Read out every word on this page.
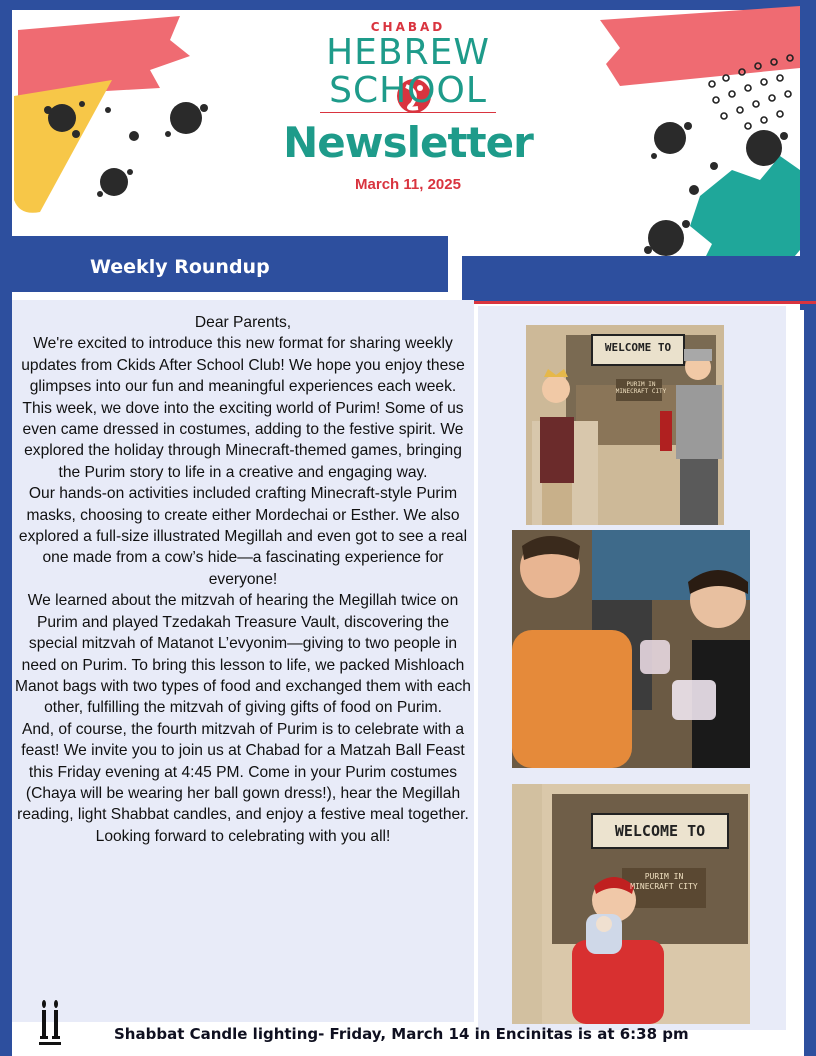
CHABAD
HEBREW
SCHOOL
Newsletter
March 11, 2025
Weekly Roundup

Dear Parents,

We're excited to introduce this new format for sharing weekly updates from Ckids After School Club! We hope you enjoy these glimpses into our fun and meaningful experiences each week.

This week, we dove into the exciting world of Purim! Some of us even came dressed in costumes, adding to the festive spirit. We explored the holiday through Minecraft-themed games, bringing the Purim story to life in a creative and engaging way.

Our hands-on activities included crafting Minecraft-style Purim masks, choosing to create either Mordechai or Esther. We also explored a full-size illustrated Megillah and even got to see a real one made from a cow’s hide—a fascinating experience for everyone!

We learned about the mitzvah of hearing the Megillah twice on Purim and played Tzedakah Treasure Vault, discovering the special mitzvah of Matanot L’evyonim—giving to two people in need on Purim. To bring this lesson to life, we packed Mishloach Manot bags with two types of food and exchanged them with each other, fulfilling the mitzvah of giving gifts of food on Purim.

And, of course, the fourth mitzvah of Purim is to celebrate with a feast! We invite you to join us at Chabad for a Matzah Ball Feast this Friday evening at 4:45 PM. Come in your Purim costumes (Chaya will be wearing her ball gown dress!), hear the Megillah reading, light Shabbat candles, and enjoy a festive meal together.

Looking forward to celebrating with you all!

WELCOME TO
PURIM IN MINECRAFT CITY
WELCOME TO
PURIM IN MINECRAFT CITY
Shabbat Candle lighting- Friday, March 14 in Encinitas is at 6:38 pm
